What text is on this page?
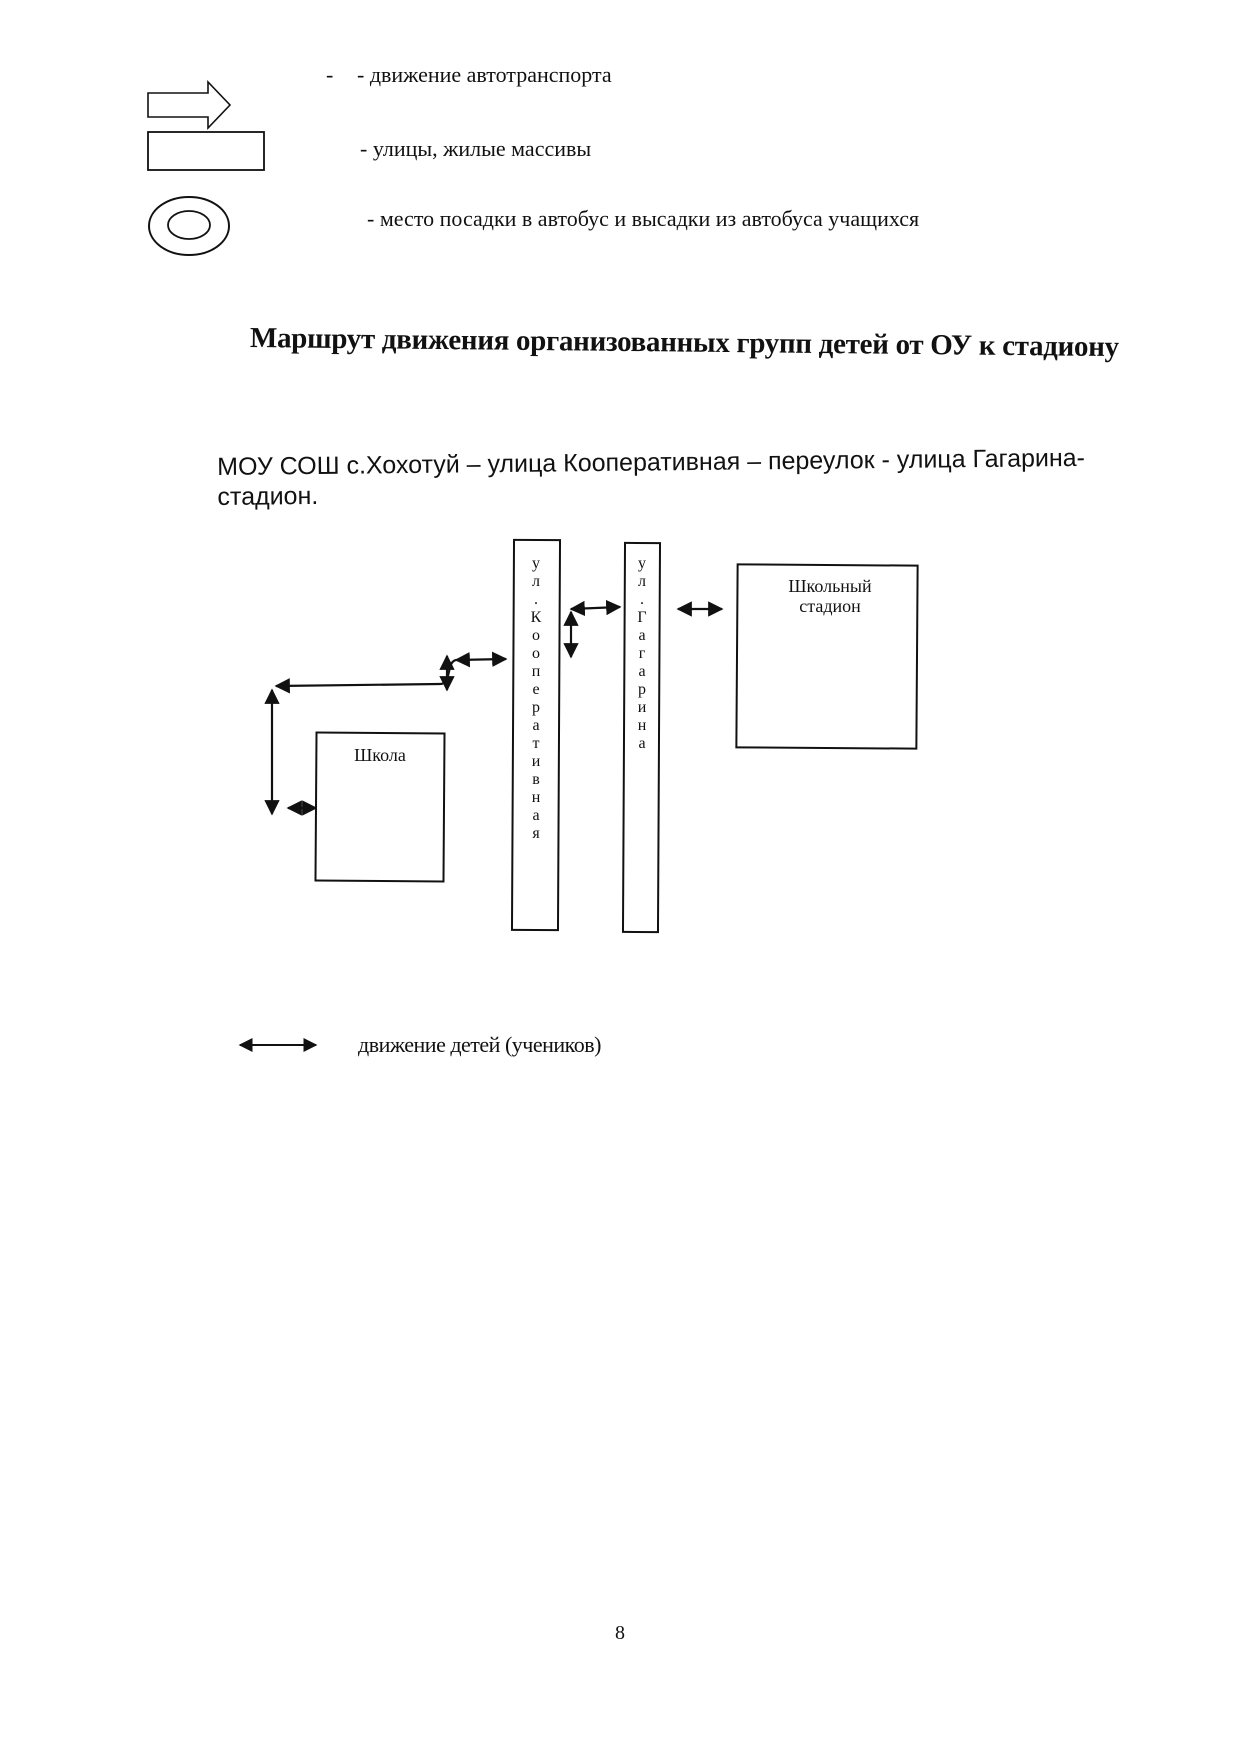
- - движение автотранспорта
- улицы, жилые массивы
- место посадки в автобус и высадки из автобуса учащихся
Маршрут движения организованных групп детей от ОУ к стадиону
МОУ СОШ с.Хохотуй – улица Кооперативная – переулок - улица Гагарина-стадион.
Школа
Школьный стадион
у
л
.
К
о
о
п
е
р
а
т
и
в
н
а
я
у
л
.
Г
а
г
а
р
и
н
а
движение детей (учеников)
8
